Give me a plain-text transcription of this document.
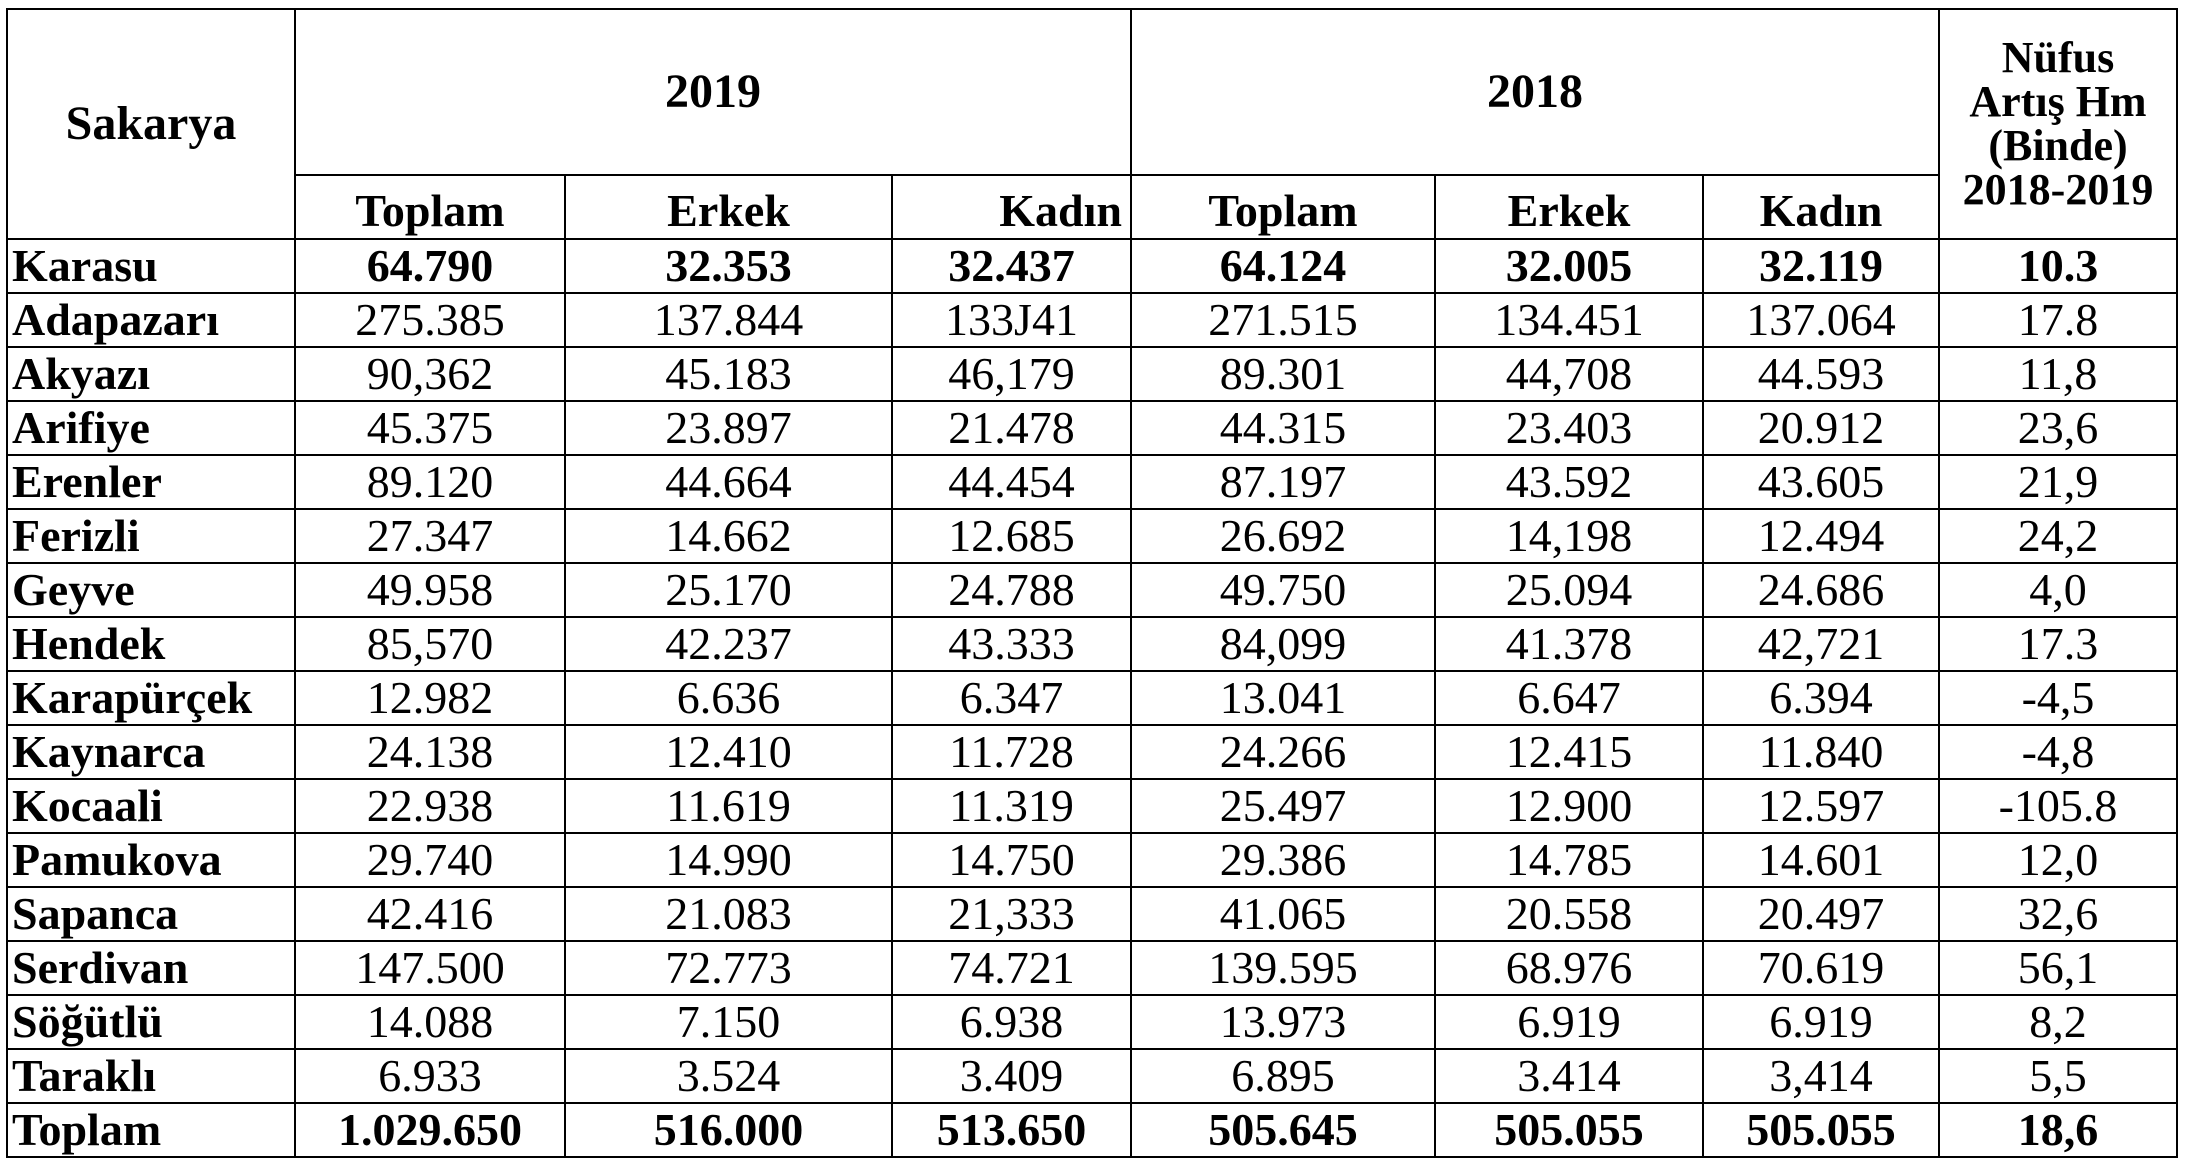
Sakarya	2019			2018			Nüfus
Artış Hm
(Binde)
2018-2019

	Toplam	Erkek	Kadın	Toplam	Erkek	Kadın	
Karasu	64.790	32.353	32.437	64.124	32.005	32.119	10.3
Adapazarı	275.385	137.844	133J41	271.515	134.451	137.064	17.8
Akyazı	90,362	45.183	46,179	89.301	44,708	44.593	11,8
Arifiye	45.375	23.897	21.478	44.315	23.403	20.912	23,6
Erenler	89.120	44.664	44.454	87.197	43.592	43.605	21,9
Ferizli	27.347	14.662	12.685	26.692	14,198	12.494	24,2
Geyve	49.958	25.170	24.788	49.750	25.094	24.686	4,0
Hendek	85,570	42.237	43.333	84,099	41.378	42,721	17.3
Karapürçek	12.982	6.636	6.347	13.041	6.647	6.394	-4,5
Kaynarca	24.138	12.410	11.728	24.266	12.415	11.840	-4,8
Kocaali	22.938	11.619	11.319	25.497	12.900	12.597	-105.8
Pamukova	29.740	14.990	14.750	29.386	14.785	14.601	12,0
Sapanca	42.416	21.083	21,333	41.065	20.558	20.497	32,6
Serdivan	147.500	72.773	74.721	139.595	68.976	70.619	56,1
Söğütlü	14.088	7.150	6.938	13.973	6.919	6.919	8,2
Taraklı	6.933	3.524	3.409	6.895	3.414	3,414	5,5
Toplam	1.029.650	516.000	513.650	505.645	505.055	505.055	18,6
